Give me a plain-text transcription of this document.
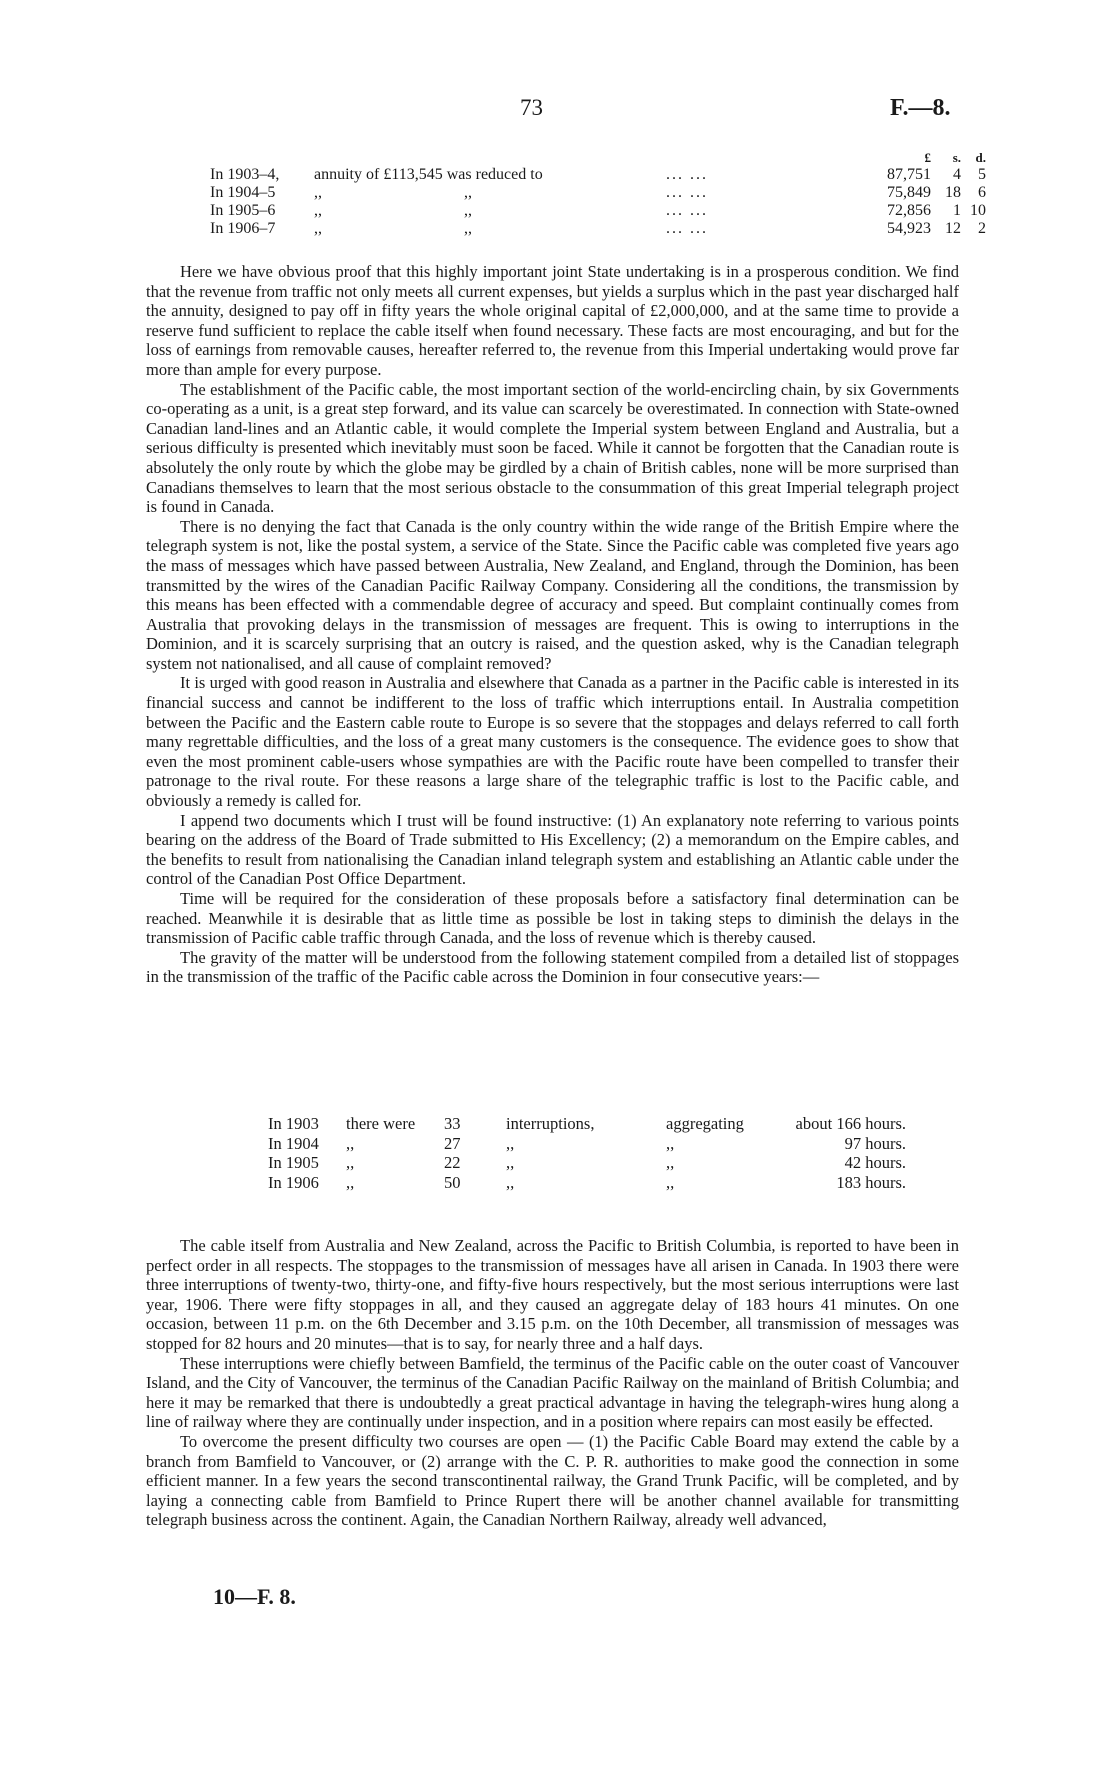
73	F.—8.
				£	s.	d.
In 1903–4,	annuity of £113,545 was reduced to		... ...	87,751	4	5
In 1904–5	,,	,,	... ...	75,849	18	6
In 1905–6	,,	,,	... ...	72,856	1	10
In 1906–7	,,	,,	... ...	54,923	12	2

Here we have obvious proof that this highly important joint State undertaking is in a prosperous condition. We find that the revenue from traffic not only meets all current expenses, but yields a surplus which in the past year discharged half the annuity, designed to pay off in fifty years the whole original capital of £2,000,000, and at the same time to provide a reserve fund sufficient to replace the cable itself when found necessary. These facts are most encouraging, and but for the loss of earnings from removable causes, hereafter referred to, the revenue from this Imperial undertaking would prove far more than ample for every purpose.

The establishment of the Pacific cable, the most important section of the world-encircling chain, by six Governments co-operating as a unit, is a great step forward, and its value can scarcely be overestimated. In connection with State-owned Canadian land-lines and an Atlantic cable, it would complete the Imperial system between England and Australia, but a serious difficulty is presented which inevitably must soon be faced. While it cannot be forgotten that the Canadian route is absolutely the only route by which the globe may be girdled by a chain of British cables, none will be more surprised than Canadians themselves to learn that the most serious obstacle to the consummation of this great Imperial telegraph project is found in Canada.

There is no denying the fact that Canada is the only country within the wide range of the British Empire where the telegraph system is not, like the postal system, a service of the State. Since the Pacific cable was completed five years ago the mass of messages which have passed between Australia, New Zealand, and England, through the Dominion, has been transmitted by the wires of the Canadian Pacific Railway Company. Considering all the conditions, the transmission by this means has been effected with a commendable degree of accuracy and speed. But complaint continually comes from Australia that provoking delays in the transmission of messages are frequent. This is owing to interruptions in the Dominion, and it is scarcely surprising that an outcry is raised, and the question asked, why is the Canadian telegraph system not nationalised, and all cause of complaint removed?

It is urged with good reason in Australia and elsewhere that Canada as a partner in the Pacific cable is interested in its financial success and cannot be indifferent to the loss of traffic which interruptions entail. In Australia competition between the Pacific and the Eastern cable route to Europe is so severe that the stoppages and delays referred to call forth many regrettable difficulties, and the loss of a great many customers is the consequence. The evidence goes to show that even the most prominent cable-users whose sympathies are with the Pacific route have been compelled to transfer their patronage to the rival route. For these reasons a large share of the telegraphic traffic is lost to the Pacific cable, and obviously a remedy is called for.

I append two documents which I trust will be found instructive: (1) An explanatory note referring to various points bearing on the address of the Board of Trade submitted to His Excellency; (2) a memorandum on the Empire cables, and the benefits to result from nationalising the Canadian inland telegraph system and establishing an Atlantic cable under the control of the Canadian Post Office Department.

Time will be required for the consideration of these proposals before a satisfactory final determination can be reached. Meanwhile it is desirable that as little time as possible be lost in taking steps to diminish the delays in the transmission of Pacific cable traffic through Canada, and the loss of revenue which is thereby caused.

The gravity of the matter will be understood from the following statement compiled from a detailed list of stoppages in the transmission of the traffic of the Pacific cable across the Dominion in four consecutive years:—

In 1903	there were	33	interruptions,	aggregating	about 166 hours.
In 1904	,,	27	,,	,,	97 hours.
In 1905	,,	22	,,	,,	42 hours.
In 1906	,,	50	,,	,,	183 hours.

The cable itself from Australia and New Zealand, across the Pacific to British Columbia, is reported to have been in perfect order in all respects. The stoppages to the transmission of messages have all arisen in Canada. In 1903 there were three interruptions of twenty-two, thirty-one, and fifty-five hours respectively, but the most serious interruptions were last year, 1906. There were fifty stoppages in all, and they caused an aggregate delay of 183 hours 41 minutes. On one occasion, between 11 p.m. on the 6th December and 3.15 p.m. on the 10th December, all transmission of messages was stopped for 82 hours and 20 minutes—that is to say, for nearly three and a half days.

These interruptions were chiefly between Bamfield, the terminus of the Pacific cable on the outer coast of Vancouver Island, and the City of Vancouver, the terminus of the Canadian Pacific Railway on the mainland of British Columbia; and here it may be remarked that there is undoubtedly a great practical advantage in having the telegraph-wires hung along a line of railway where they are continually under inspection, and in a position where repairs can most easily be effected.

To overcome the present difficulty two courses are open — (1) the Pacific Cable Board may extend the cable by a branch from Bamfield to Vancouver, or (2) arrange with the C. P. R. authorities to make good the connection in some efficient manner. In a few years the second transcontinental railway, the Grand Trunk Pacific, will be completed, and by laying a connecting cable from Bamfield to Prince Rupert there will be another channel available for transmitting telegraph business across the continent. Again, the Canadian Northern Railway, already well advanced,

10—F. 8.
